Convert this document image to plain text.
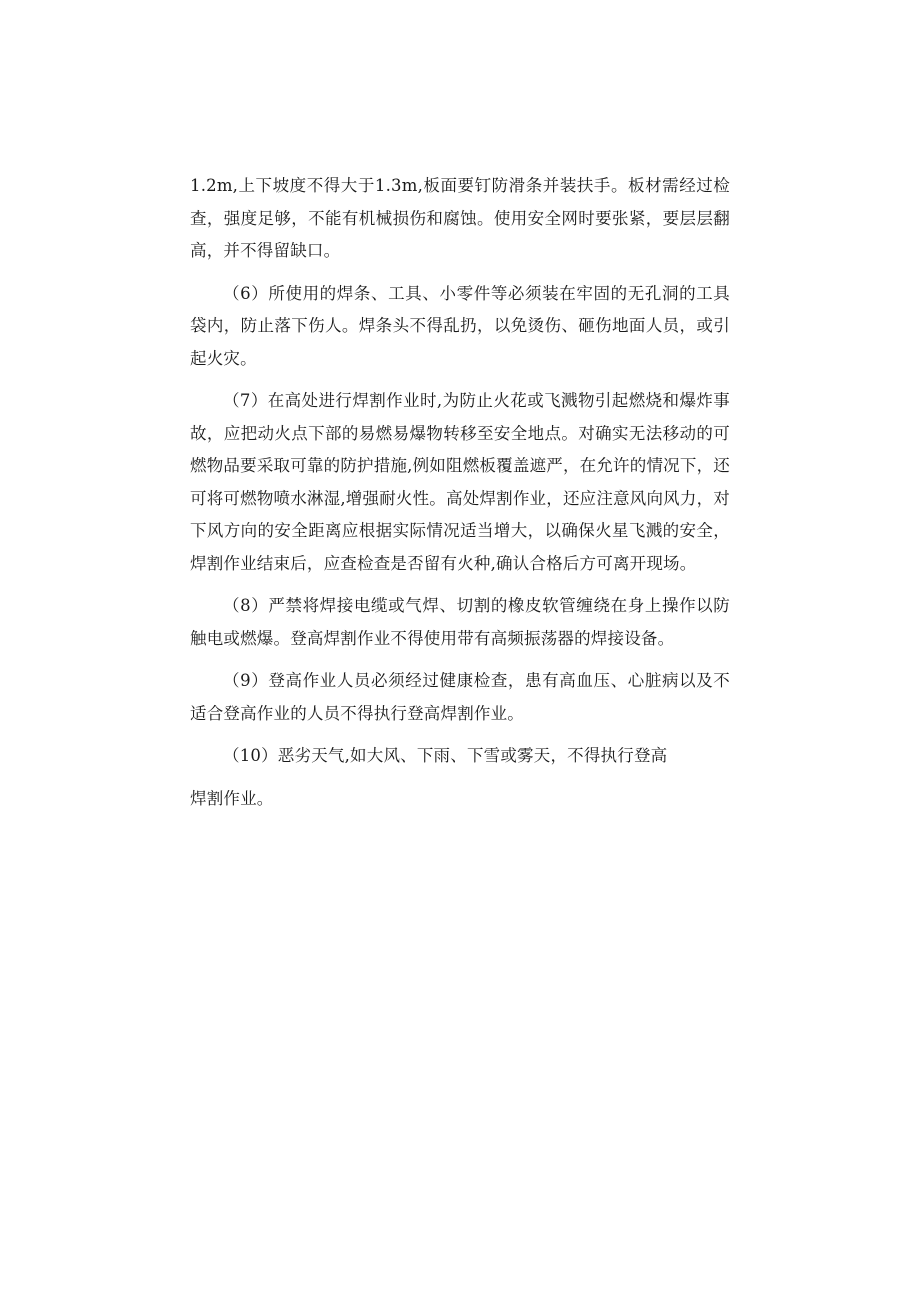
1.2m,上下坡度不得大于1.3m,板面要钉防滑条并装扶手。板材需经过检查，强度足够，不能有机械损伤和腐蚀。使用安全网时要张紧，要层层翻高，并不得留缺口。

（6）所使用的焊条、工具、小零件等必须装在牢固的无孔洞的工具袋内，防止落下伤人。焊条头不得乱扔，以免烫伤、砸伤地面人员，或引起火灾。

（7）在高处进行焊割作业时,为防止火花或飞溅物引起燃烧和爆炸事故，应把动火点下部的易燃易爆物转移至安全地点。对确实无法移动的可燃物品要采取可靠的防护措施,例如阻燃板覆盖遮严，在允许的情况下，还可将可燃物喷水淋湿,增强耐火性。高处焊割作业，还应注意风向风力，对下风方向的安全距离应根据实际情况适当增大，以确保火星飞溅的安全，焊割作业结束后，应查检查是否留有火种,确认合格后方可离开现场。

（8）严禁将焊接电缆或气焊、切割的橡皮软管缠绕在身上操作以防触电或燃爆。登高焊割作业不得使用带有高频振荡器的焊接设备。

（9）登高作业人员必须经过健康检查，患有高血压、心脏病以及不适合登高作业的人员不得执行登高焊割作业。

（10）恶劣天气,如大风、下雨、下雪或雾天，不得执行登高

焊割作业。
